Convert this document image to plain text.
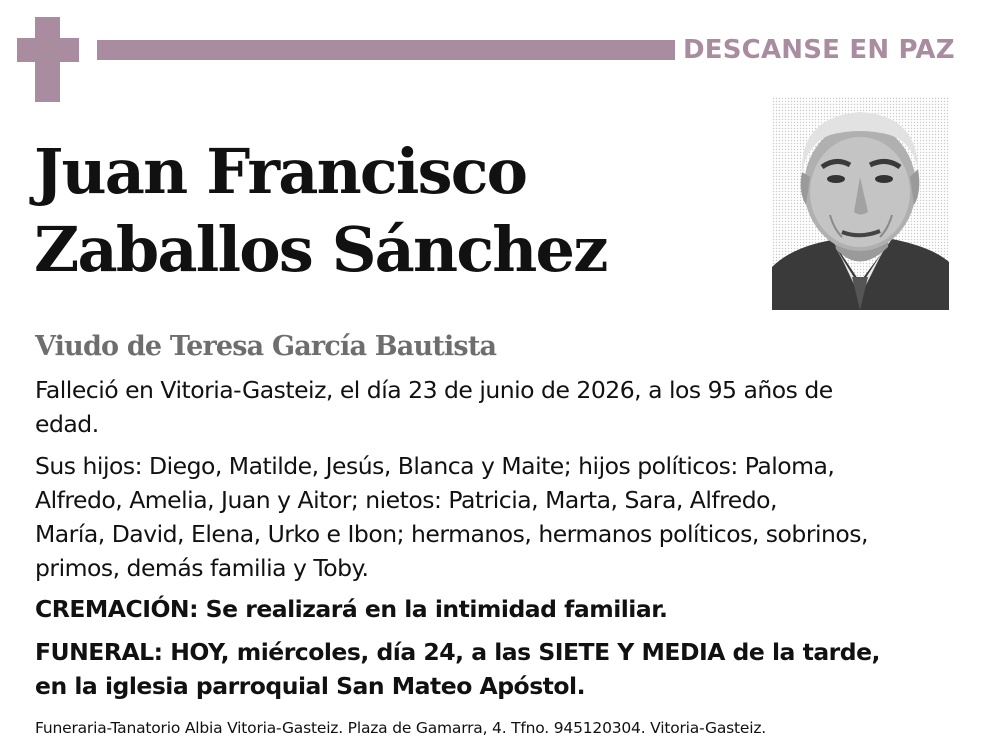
DESCANSE EN PAZ
Juan Francisco
Zaballos Sánchez
Viudo de Teresa García Bautista

Falleció en Vitoria-Gasteiz, el día 23 de junio de 2026, a los 95 años de
edad.

Sus hijos: Diego, Matilde, Jesús, Blanca y Maite; hijos políticos: Paloma,
Alfredo, Amelia, Juan y Aitor; nietos: Patricia, Marta, Sara, Alfredo,
María, David, Elena, Urko e Ibon; hermanos, hermanos políticos, sobrinos,
primos, demás familia y Toby.

CREMACIÓN: Se realizará en la intimidad familiar.

FUNERAL: HOY, miércoles, día 24, a las SIETE Y MEDIA de la tarde,
en la iglesia parroquial San Mateo Apóstol.

Funeraria-Tanatorio Albia Vitoria-Gasteiz. Plaza de Gamarra, 4. Tfno. 945120304. Vitoria-Gasteiz.
